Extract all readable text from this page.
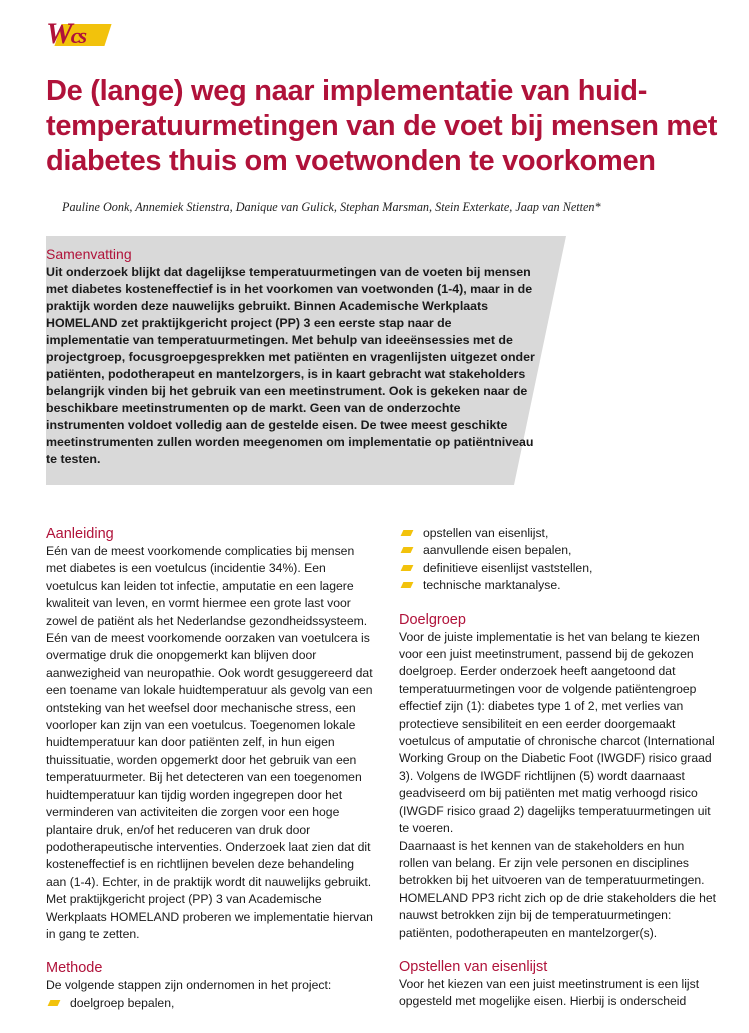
Wcs
De (lange) weg naar implementatie van huid-temperatuurmetingen van de voet bij mensen met diabetes thuis om voetwonden te voorkomen

Pauline Oonk, Annemiek Stienstra, Danique van Gulick, Stephan Marsman, Stein Exterkate, Jaap van Netten*

Samenvatting

Uit onderzoek blijkt dat dagelijkse temperatuurmetingen van de voeten bij mensen met diabetes kosteneffectief is in het voorkomen van voetwonden (1-4), maar in de praktijk worden deze nauwelijks gebruikt. Binnen Academische Werkplaats HOMELAND zet praktijkgericht project (PP) 3 een eerste stap naar de implementatie van temperatuurmetingen. Met behulp van ideeënsessies met de projectgroep, focusgroepgesprekken met patiënten en vragenlijsten uitgezet onder patiënten, podotherapeut en mantelzorgers, is in kaart gebracht wat stakeholders belangrijk vinden bij het gebruik van een meetinstrument. Ook is gekeken naar de beschikbare meetinstrumenten op de markt. Geen van de onderzochte instrumenten voldoet volledig aan de gestelde eisen. De twee meest geschikte meetinstrumenten zullen worden meegenomen om implementatie op patiëntniveau te testen.

Aanleiding

Eén van de meest voorkomende complicaties bij mensen met diabetes is een voetulcus (incidentie 34%). Een voetulcus kan leiden tot infectie, amputatie en een lagere kwaliteit van leven, en vormt hiermee een grote last voor zowel de patiënt als het Nederlandse gezondheidssysteem.

Eén van de meest voorkomende oorzaken van voetulcera is overmatige druk die onopgemerkt kan blijven door aanwezigheid van neuropathie. Ook wordt gesuggereerd dat een toename van lokale huidtemperatuur als gevolg van een ontsteking van het weefsel door mechanische stress, een voorloper kan zijn van een voetulcus. Toegenomen lokale huidtemperatuur kan door patiënten zelf, in hun eigen thuissituatie, worden opgemerkt door het gebruik van een temperatuurmeter. Bij het detecteren van een toegenomen huidtemperatuur kan tijdig worden ingegrepen door het verminderen van activiteiten die zorgen voor een hoge plantaire druk, en/of het reduceren van druk door podotherapeutische interventies. Onderzoek laat zien dat dit kosteneffectief is en richtlijnen bevelen deze behandeling aan (1-4). Echter, in de praktijk wordt dit nauwelijks gebruikt. Met praktijkgericht project (PP) 3 van Academische Werkplaats HOMELAND proberen we implementatie hiervan in gang te zetten.

Methode

De volgende stappen zijn ondernomen in het project:

doelgroep bepalen,
opstellen van eisenlijst,
aanvullende eisen bepalen,
definitieve eisenlijst vaststellen,
technische marktanalyse.
Doelgroep

Voor de juiste implementatie is het van belang te kiezen voor een juist meetinstrument, passend bij de gekozen doelgroep. Eerder onderzoek heeft aangetoond dat temperatuurmetingen voor de volgende patiëntengroep effectief zijn (1): diabetes type 1 of 2, met verlies van protectieve sensibiliteit en een eerder doorgemaakt voetulcus of amputatie of chronische charcot (International Working Group on the Diabetic Foot (IWGDF) risico graad 3). Volgens de IWGDF richtlijnen (5) wordt daarnaast geadviseerd om bij patiënten met matig verhoogd risico (IWGDF risico graad 2) dagelijks temperatuurmetingen uit te voeren.

Daarnaast is het kennen van de stakeholders en hun rollen van belang. Er zijn vele personen en disciplines betrokken bij het uitvoeren van de temperatuurmetingen. HOMELAND PP3 richt zich op de drie stakeholders die het nauwst betrokken zijn bij de temperatuurmetingen: patiënten, podotherapeuten en mantelzorger(s).

Opstellen van eisenlijst

Voor het kiezen van een juist meetinstrument is een lijst opgesteld met mogelijke eisen. Hierbij is onderscheid
